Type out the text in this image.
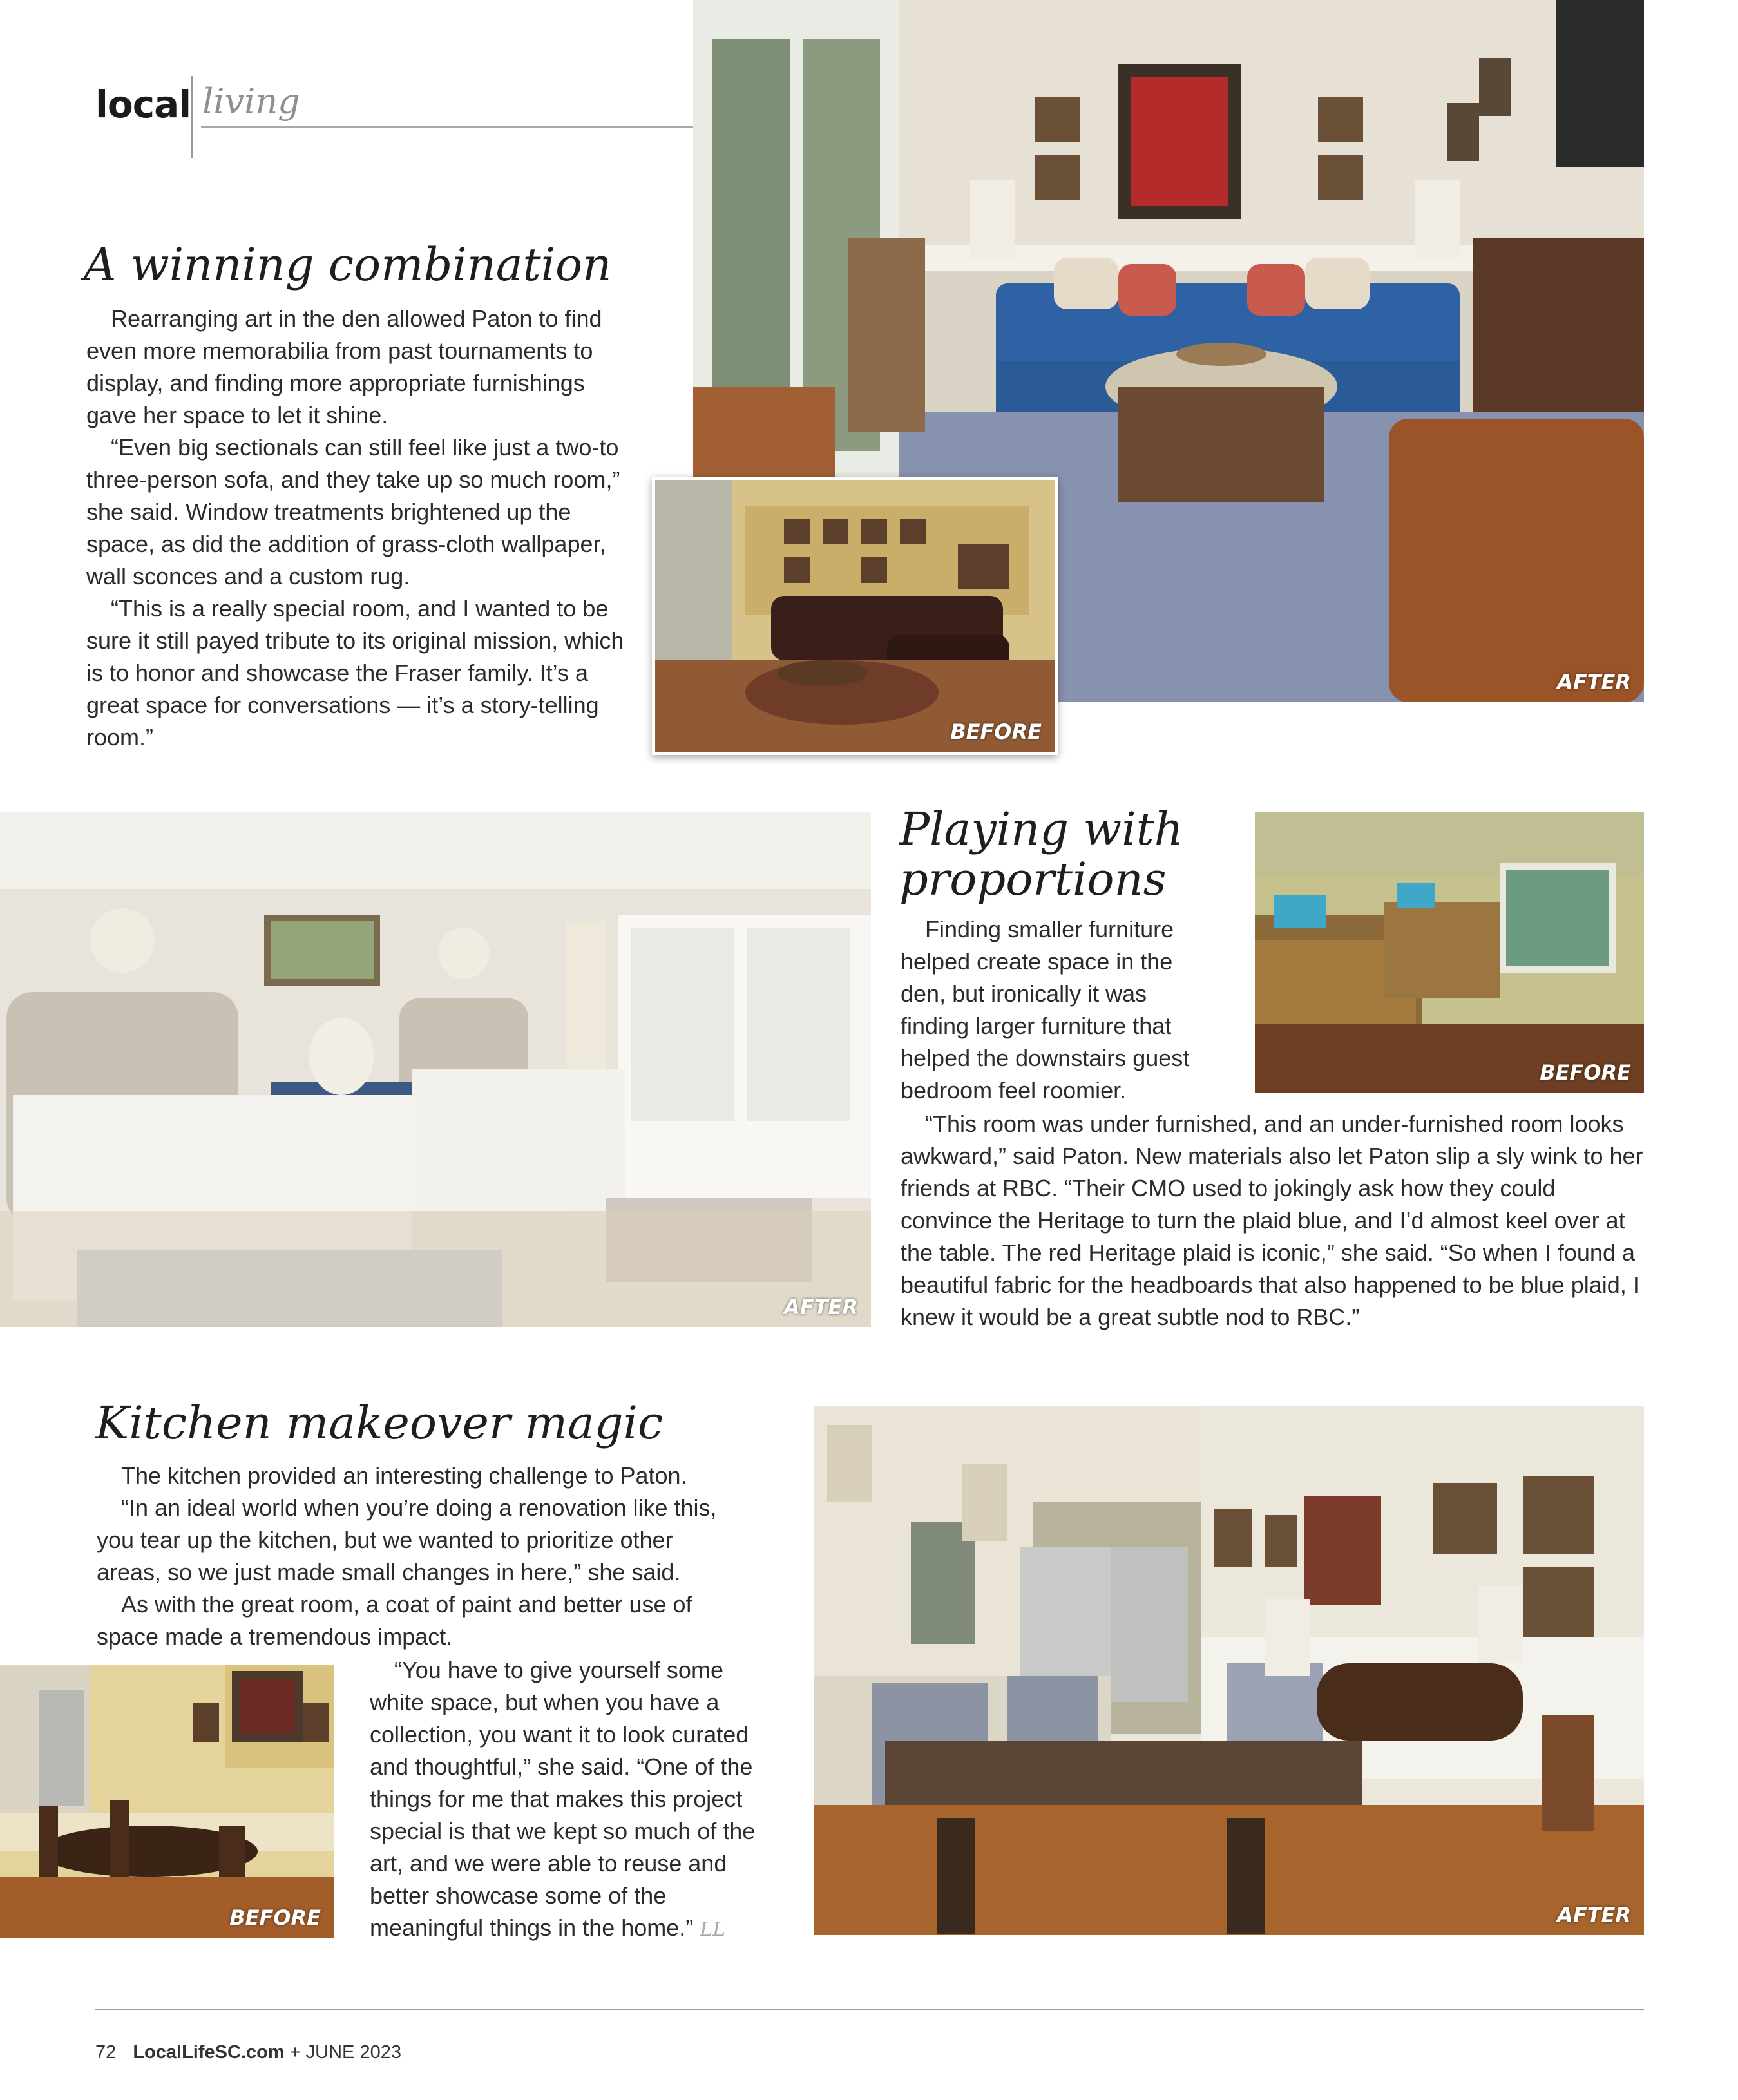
local living
A winning combination

Rearranging art in the den allowed Paton to find even more memorabilia from past tournaments to display, and finding more appropriate furnishings gave her space to let it shine.

“Even big sectionals can still feel like just a two-to three-person sofa, and they take up so much room,” she said. Window treatments brightened up the space, as did the addition of grass-cloth wallpaper, wall sconces and a custom rug.

“This is a really special room, and I wanted to be sure it still payed tribute to its original mission, which is to honor and showcase the Fraser family. It’s a great space for conversations — it’s a story-telling room.”

AFTER
BEFORE
AFTER
Playing with
proportions

Finding smaller furniture helped create space in the den, but ironically it was finding larger furniture that helped the downstairs guest bedroom feel roomier.

“This room was under furnished, and an under-furnished room looks awkward,” said Paton. New materials also let Paton slip a sly wink to her friends at RBC. “Their CMO used to jokingly ask how they could convince the Heritage to turn the plaid blue, and I’d almost keel over at the table. The red Heritage plaid is iconic,” she said. “So when I found a beautiful fabric for the headboards that also happened to be blue plaid, I knew it would be a great subtle nod to RBC.”

BEFORE
Kitchen makeover magic

The kitchen provided an interesting challenge to Paton.

“In an ideal world when you’re doing a renovation like this, you tear up the kitchen, but we wanted to prioritize other areas, so we just made small changes in here,” she said.

As with the great room, a coat of paint and better use of space made a tremendous impact.

BEFORE

“You have to give yourself some white space, but when you have a collection, you want it to look curated and thoughtful,” she said. “One of the things for me that makes this project special is that we kept so much of the art, and we were able to reuse and better showcase some of the meaningful things in the home.” LL

AFTER
72 LocalLifeSC.com + JUNE 2023
